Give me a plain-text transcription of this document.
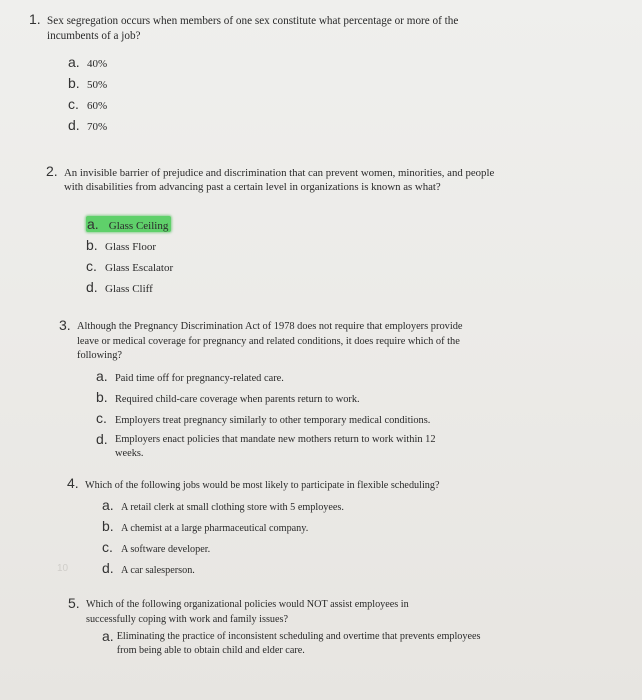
1. Sex segregation occurs when members of one sex constitute what percentage or more of the incumbents of a job?
a. 40%
b. 50%
c. 60%
d. 70%
2. An invisible barrier of prejudice and discrimination that can prevent women, minorities, and people with disabilities from advancing past a certain level in organizations is known as what?
a. Glass Ceiling
b. Glass Floor
c. Glass Escalator
d. Glass Cliff
3. Although the Pregnancy Discrimination Act of 1978 does not require that employers provide leave or medical coverage for pregnancy and related conditions, it does require which of the following?
a. Paid time off for pregnancy-related care.
b. Required child-care coverage when parents return to work.
c. Employers treat pregnancy similarly to other temporary medical conditions.
d. Employers enact policies that mandate new mothers return to work within 12 weeks.
4. Which of the following jobs would be most likely to participate in flexible scheduling?
a. A retail clerk at small clothing store with 5 employees.
b. A chemist at a large pharmaceutical company.
c. A software developer.
d. A car salesperson.
10
5. Which of the following organizational policies would NOT assist employees in successfully coping with work and family issues?
a. Eliminating the practice of inconsistent scheduling and overtime that prevents employees from being able to obtain child and elder care.
